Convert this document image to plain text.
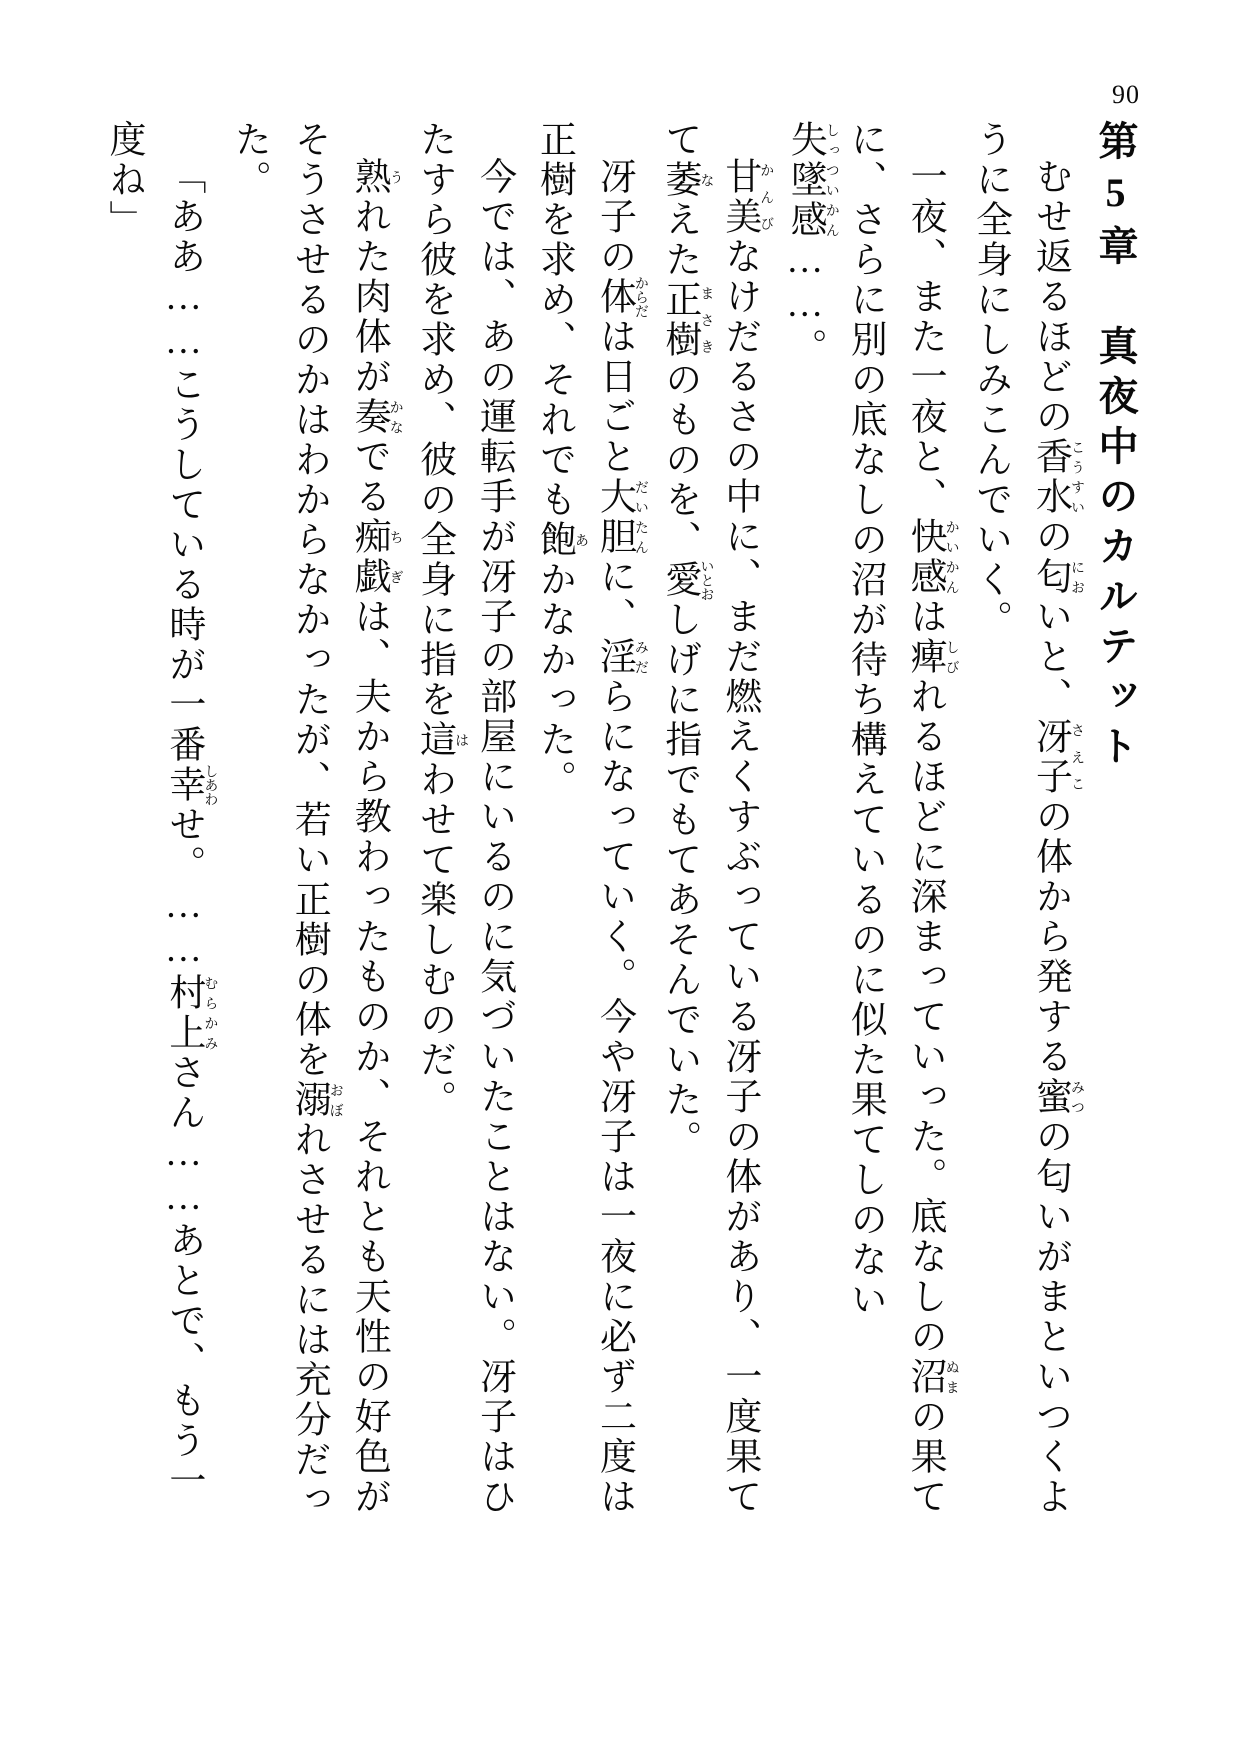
90
第5章　真夜中のカルテット

むせ返るほどの香水こうすいの匂においと、冴子さえこの体から発する蜜みつの匂いがまといつくように全身にしみこんでいく。

一夜、また一夜と、快感かいかんは痺しびれるほどに深まっていった。底なしの沼ぬまの果てに、さらに別の底なしの沼が待ち構えているのに似た果てしのない失墜感しっついかん……。

甘美かんびなけだるさの中に、まだ燃えくすぶっている冴子の体があり、一度果てて萎なえた正樹まさきのものを、愛いとおしげに指でもてあそんでいた。

冴子の体からだは日ごと大胆だいたんに、淫みだらになっていく。今や冴子は一夜に必ず二度は正樹を求め、それでも飽あかなかった。

今では、あの運転手が冴子の部屋にいるのに気づいたことはない。冴子はひたすら彼を求め、彼の全身に指を這はわせて楽しむのだ。

熟うれた肉体が奏かなでる痴戯ちぎは、夫から教わったものか、それとも天性の好色がそうさせるのかはわからなかったが、若い正樹の体を溺おぼれさせるには充分だった。

「ああ……こうしている時が一番幸しあわせ。……村上むらかみさん……あとで、もう一度ね」
